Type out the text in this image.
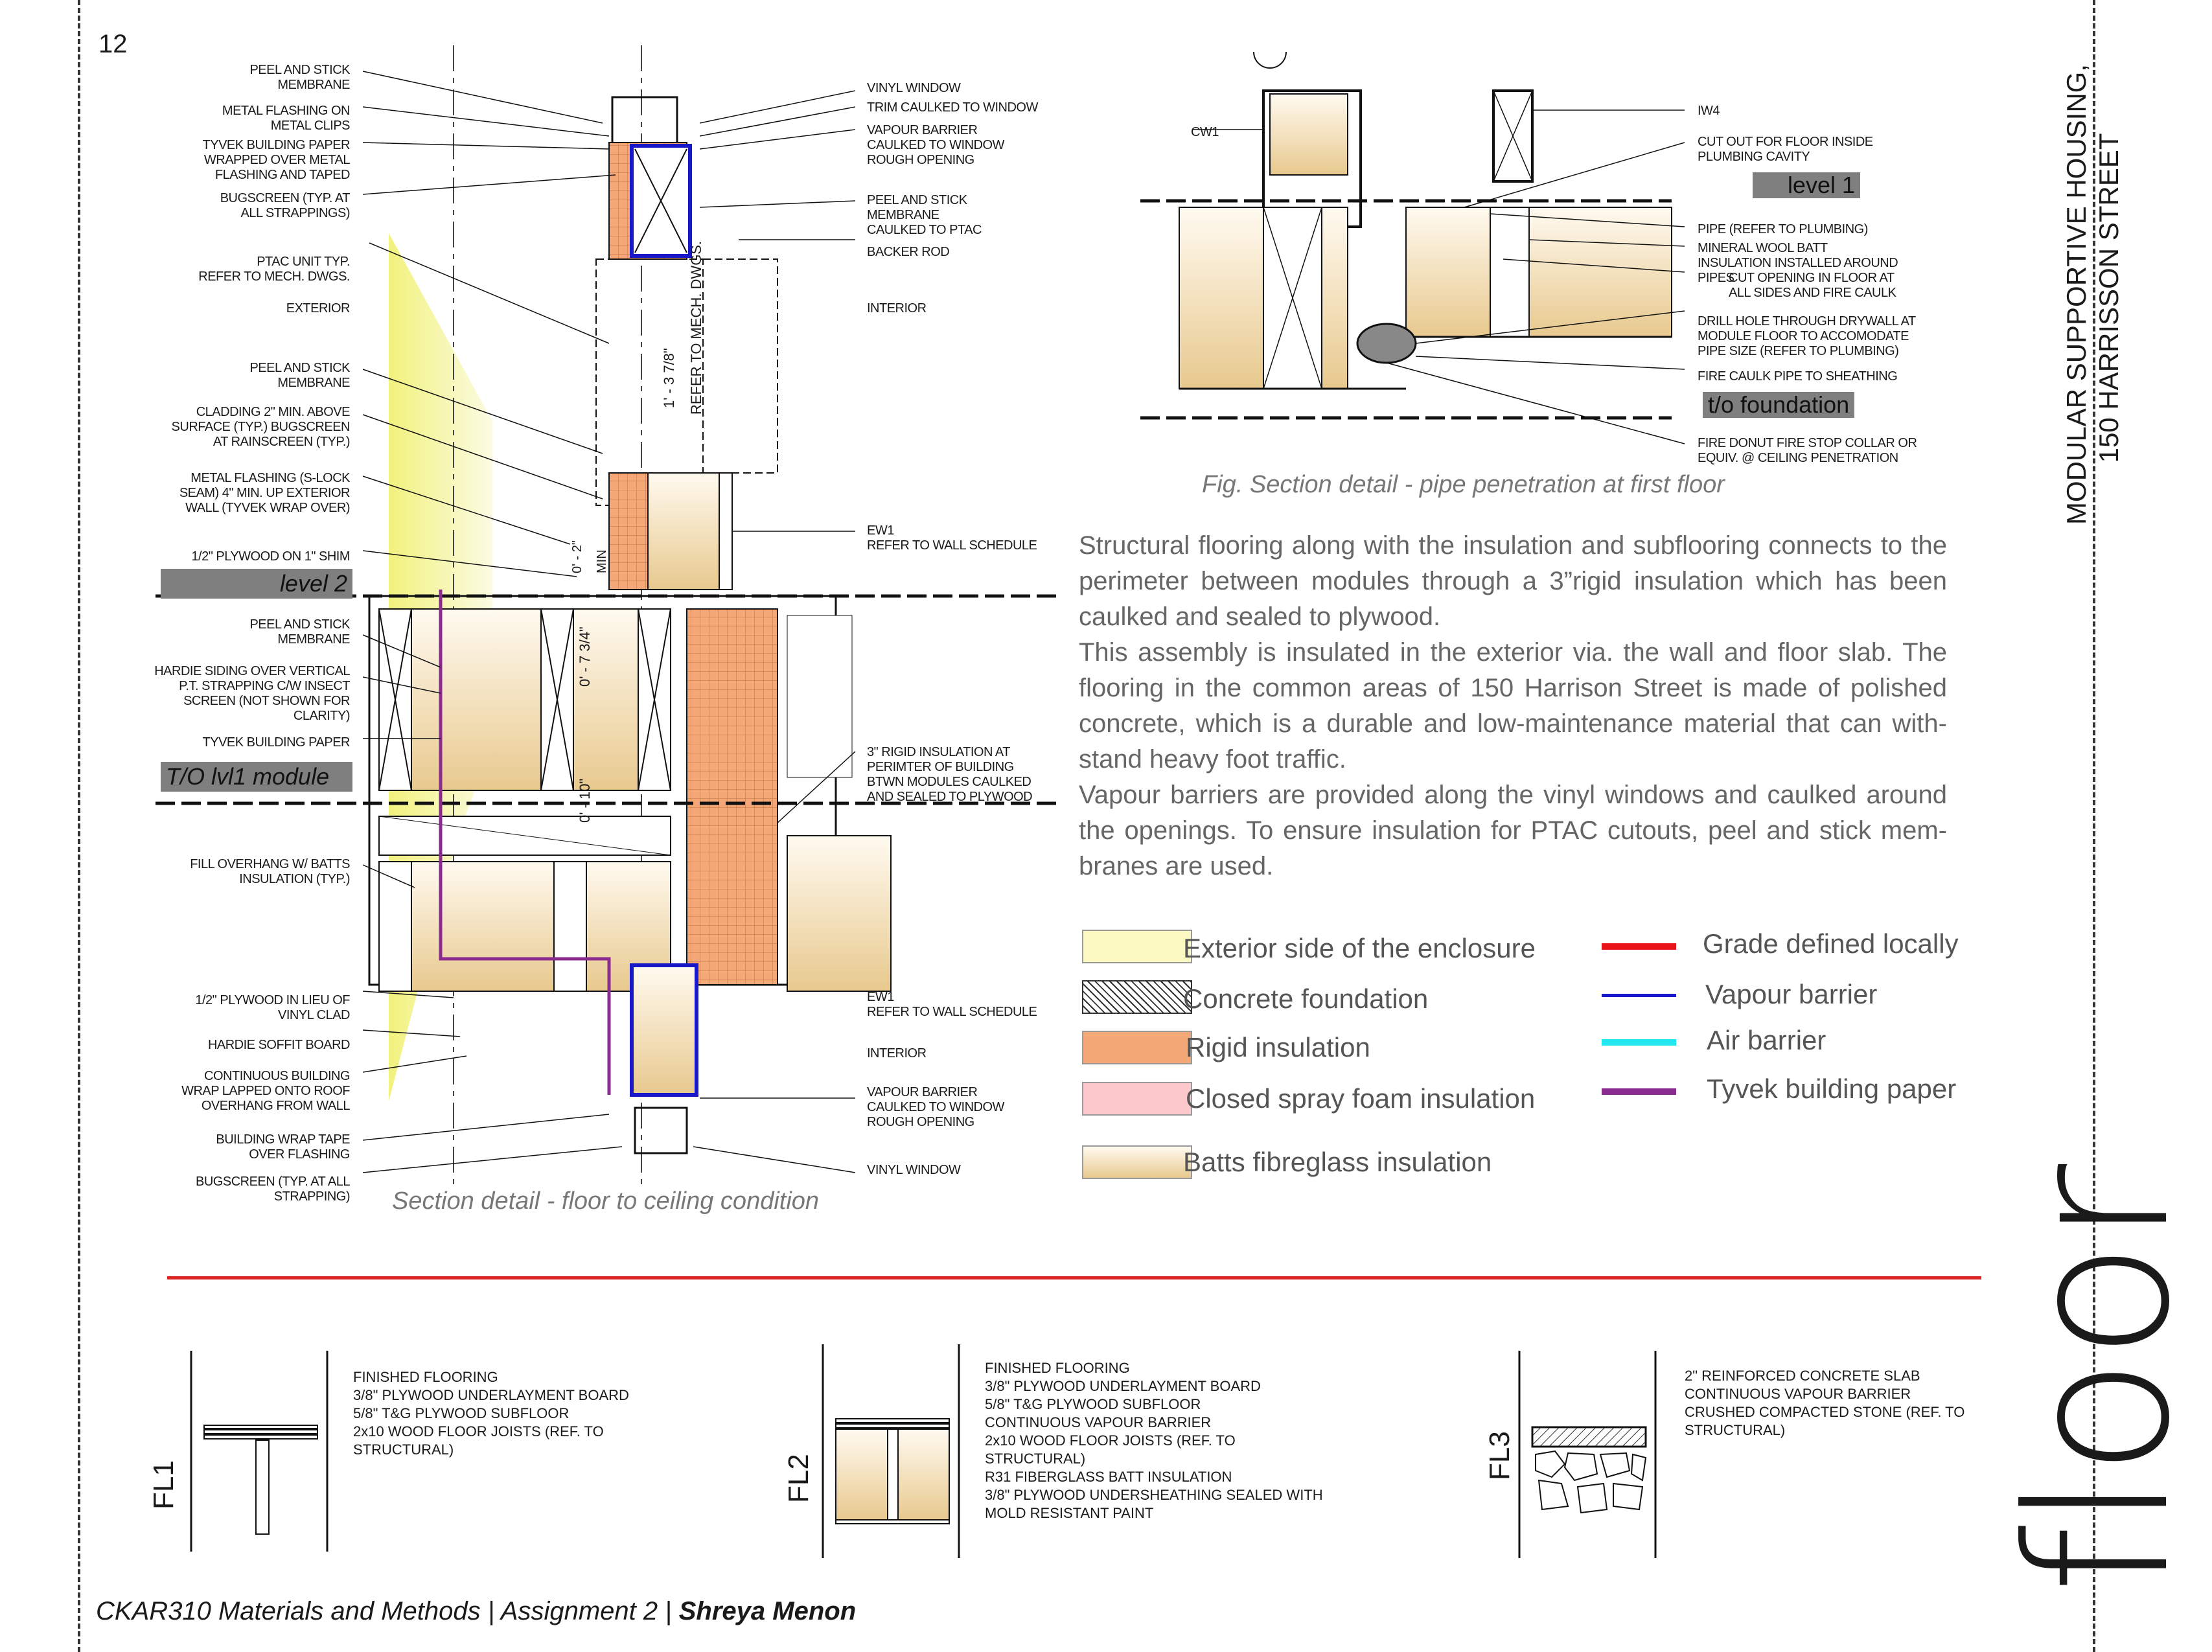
12
PEEL AND STICK
MEMBRANE
METAL FLASHING ON
METAL CLIPS
TYVEK BUILDING PAPER
WRAPPED OVER METAL
FLASHING AND TAPED
BUGSCREEN (TYP. AT
ALL STRAPPINGS)
PTAC UNIT TYP.
REFER TO MECH. DWGS.
EXTERIOR
PEEL AND STICK
MEMBRANE
CLADDING 2" MIN. ABOVE
SURFACE (TYP.) BUGSCREEN
AT RAINSCREEN (TYP.)
METAL FLASHING (S-LOCK
SEAM) 4" MIN. UP EXTERIOR
WALL (TYVEK WRAP OVER)
1/2" PLYWOOD ON 1" SHIM
PEEL AND STICK
MEMBRANE
HARDIE SIDING OVER VERTICAL
P.T. STRAPPING C/W INSECT
SCREEN (NOT SHOWN FOR
CLARITY)
TYVEK BUILDING PAPER
FILL OVERHANG W/ BATTS
INSULATION (TYP.)
1/2" PLYWOOD IN LIEU OF
VINYL CLAD
HARDIE SOFFIT BOARD
CONTINUOUS BUILDING
WRAP LAPPED ONTO ROOF
OVERHANG FROM WALL
BUILDING WRAP TAPE
OVER FLASHING
BUGSCREEN (TYP. AT ALL
STRAPPING)
VINYL WINDOW
TRIM CAULKED TO WINDOW
VAPOUR BARRIER
CAULKED TO WINDOW
ROUGH OPENING
PEEL AND STICK
MEMBRANE
CAULKED TO PTAC
BACKER ROD
INTERIOR
EW1
REFER TO WALL SCHEDULE
3" RIGID INSULATION AT
PERIMTER OF BUILDING
BTWN MODULES CAULKED
AND SEALED TO PLYWOOD
EW1
REFER TO WALL SCHEDULE
INTERIOR
VAPOUR BARRIER
CAULKED TO WINDOW
ROUGH OPENING
VINYL WINDOW
1' - 3 7/8" REFER TO MECH. DWGS.
0' - 7 3/4"
0' - 10"
0' - 2" MIN
level 2
T/O lvl1 module
Section detail - floor to ceiling condition
CW1
IW4
CUT OUT FOR FLOOR INSIDE
PLUMBING CAVITY
PIPE (REFER TO PLUMBING)
MINERAL WOOL BATT
INSULATION INSTALLED AROUND
PIPES
CUT OPENING IN FLOOR AT
ALL SIDES AND FIRE CAULK
DRILL HOLE THROUGH DRYWALL AT
MODULE FLOOR TO ACCOMODATE
PIPE SIZE (REFER TO PLUMBING)
FIRE CAULK PIPE TO SHEATHING
FIRE DONUT FIRE STOP COLLAR OR
EQUIV. @ CEILING PENETRATION
level 1
t/o foundation
Fig. Section detail - pipe penetration at first floor

Structural flooring along with the insulation and subflooring connects to the perimeter between modules through a 3”rigid insulation which has been caulked and sealed to plywood.

This assembly is insulated in the exterior via. the wall and floor slab. The flooring in the common areas of 150 Harrison Street is made of polished concrete, which is a durable and low-maintenance material that can with-stand heavy foot traffic.

Vapour barriers are provided along the vinyl windows and caulked around the openings. To ensure insulation for PTAC cutouts, peel and stick mem-branes are used.

Exterior side of the enclosure
Concrete foundation
Rigid insulation
Closed spray foam insulation
Batts fibreglass insulation
Grade defined locally
Vapour barrier
Air barrier
Tyvek building paper
MODULAR SUPPORTIVE HOUSING, 150 HARRISSON STREET
floor
FL1
FINISHED FLOORING
3/8" PLYWOOD UNDERLAYMENT BOARD
5/8" T&G PLYWOOD SUBFLOOR
2x10 WOOD FLOOR JOISTS (REF. TO
STRUCTURAL)
FL2
FINISHED FLOORING
3/8" PLYWOOD UNDERLAYMENT BOARD
5/8" T&G PLYWOOD SUBFLOOR
CONTINUOUS VAPOUR BARRIER
2x10 WOOD FLOOR JOISTS (REF. TO
STRUCTURAL)
R31 FIBERGLASS BATT INSULATION
3/8" PLYWOOD UNDERSHEATHING SEALED WITH
MOLD RESISTANT PAINT
FL3
2" REINFORCED CONCRETE SLAB
CONTINUOUS VAPOUR BARRIER
CRUSHED COMPACTED STONE (REF. TO
STRUCTURAL)
CKAR310 Materials and Methods | Assignment 2 | Shreya Menon
